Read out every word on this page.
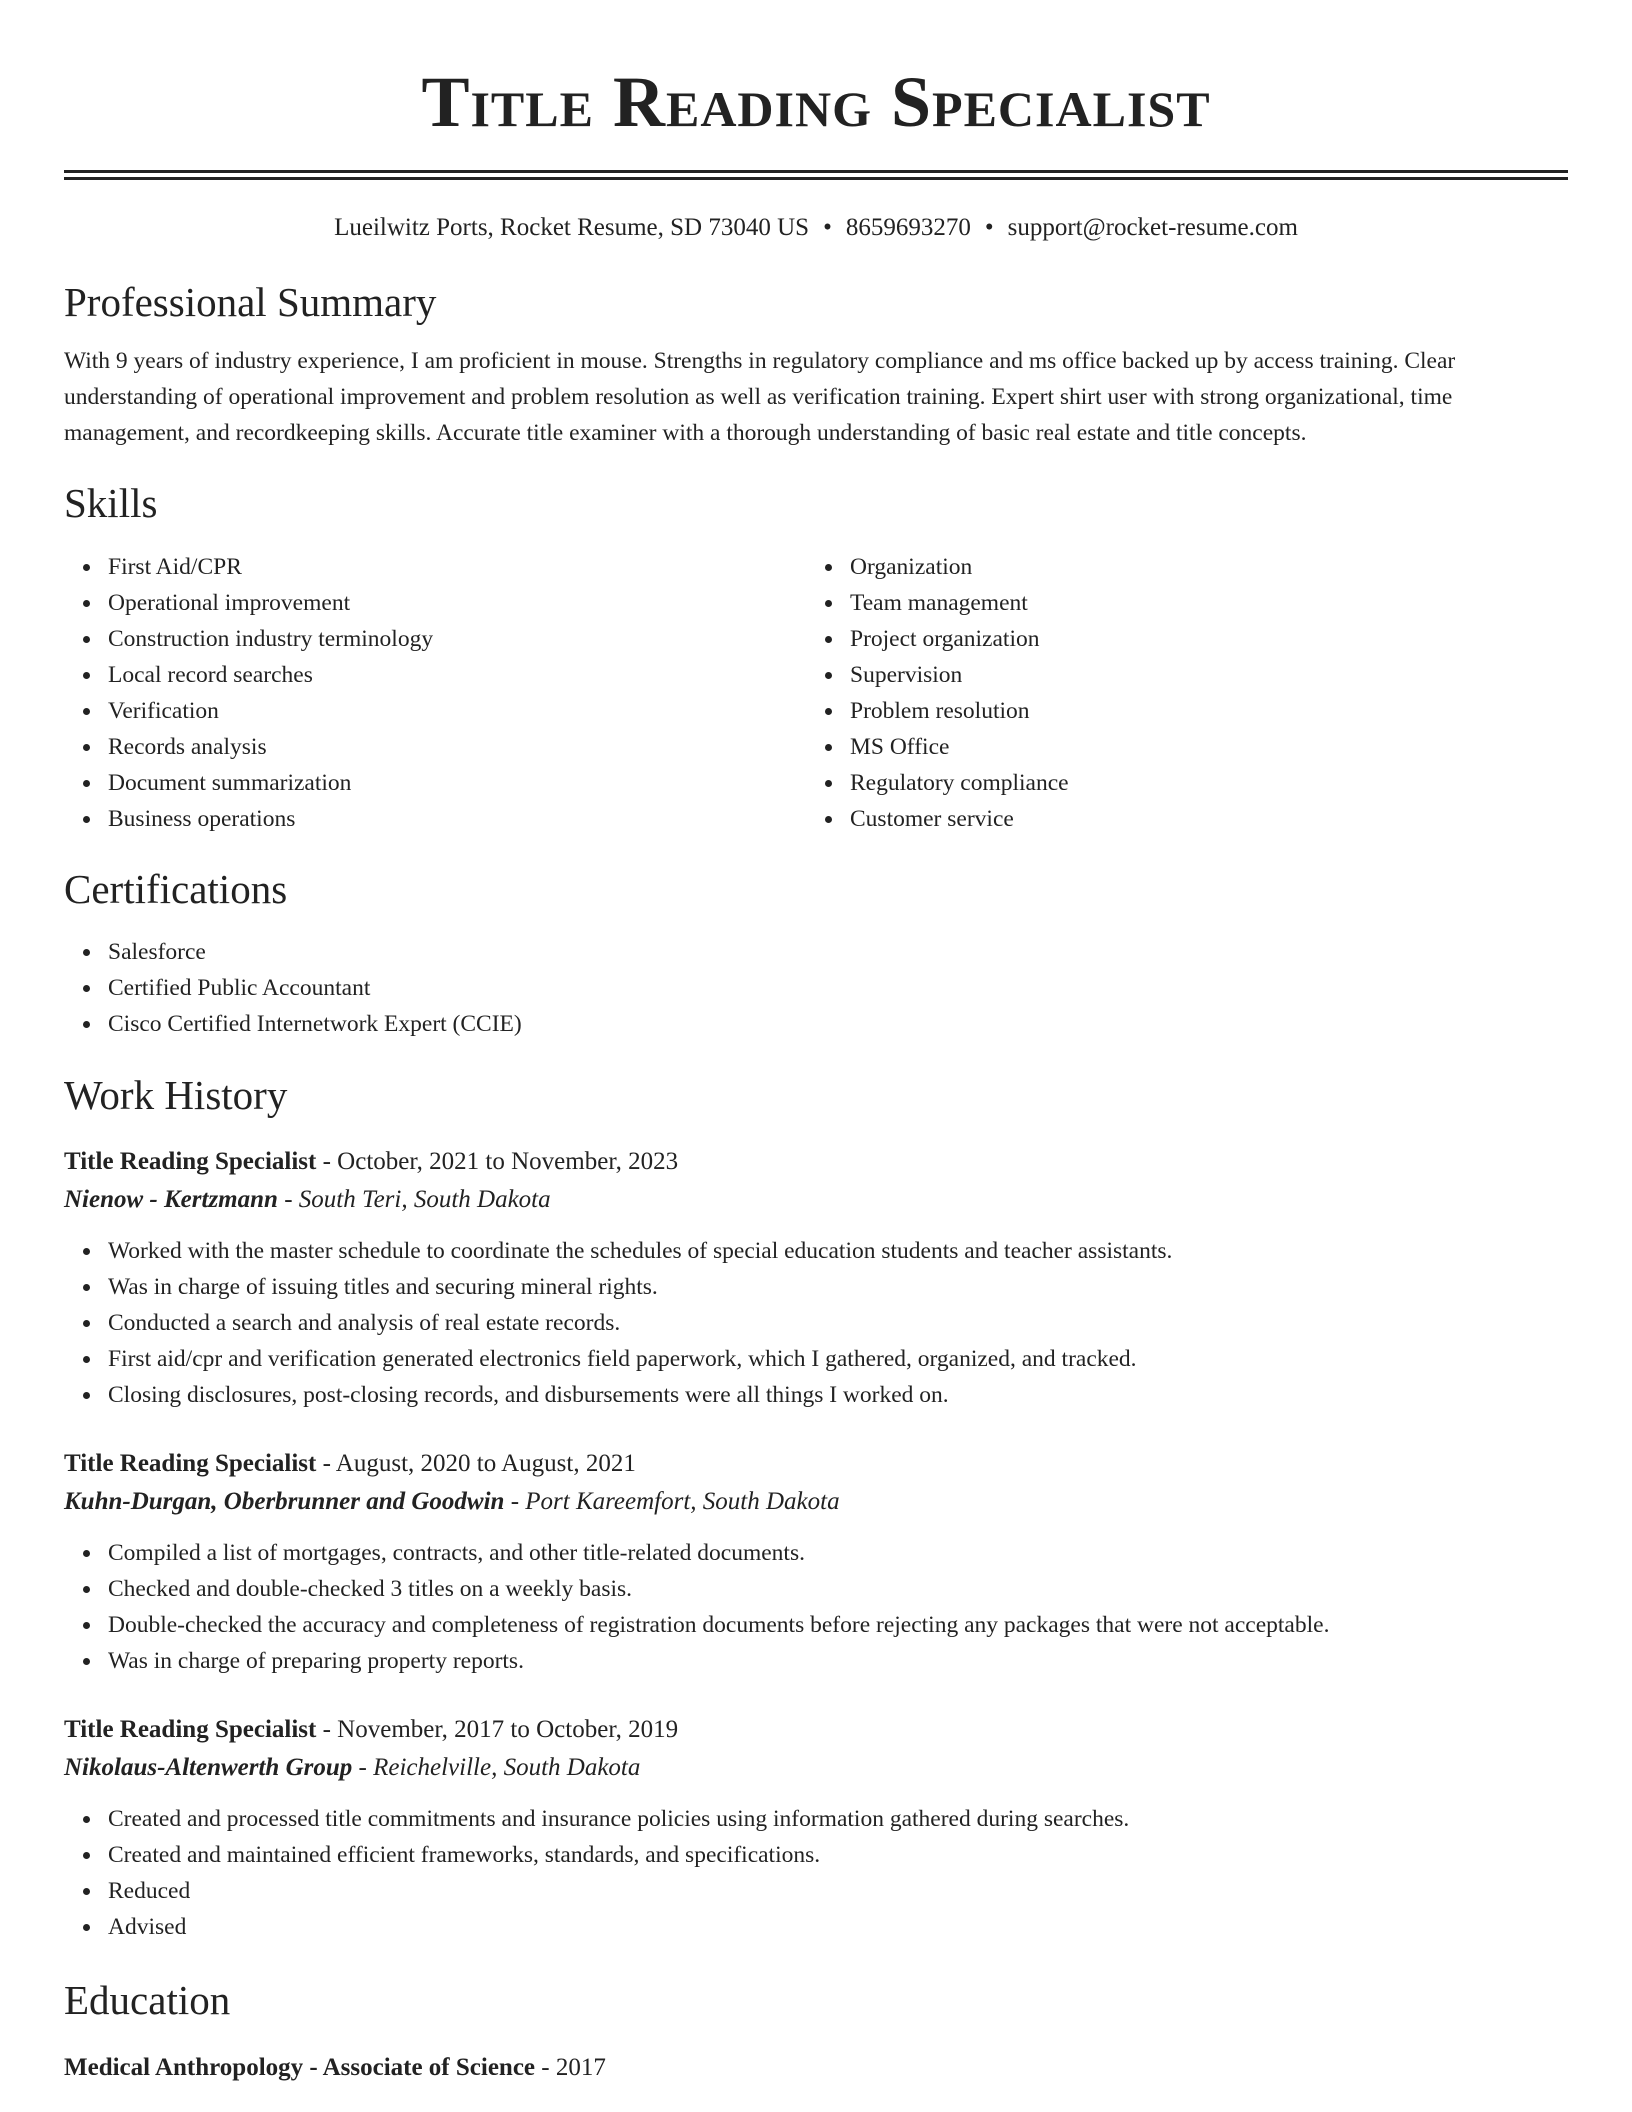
Title Reading Specialist
Lueilwitz Ports, Rocket Resume, SD 73040 US • 8659693270 • support@rocket-resume.com
Professional Summary

With 9 years of industry experience, I am proficient in mouse. Strengths in regulatory compliance and ms office backed up by access training. Clear understanding of operational improvement and problem resolution as well as verification training. Expert shirt user with strong organizational, time management, and recordkeeping skills. Accurate title examiner with a thorough understanding of basic real estate and title concepts.

Skills
First Aid/CPR
Operational improvement
Construction industry terminology
Local record searches
Verification
Records analysis
Document summarization
Business operations
Organization
Team management
Project organization
Supervision
Problem resolution
MS Office
Regulatory compliance
Customer service
Certifications
Salesforce
Certified Public Accountant
Cisco Certified Internetwork Expert (CCIE)
Work History
Title Reading Specialist - October, 2021 to November, 2023
Nienow - Kertzmann - South Teri, South Dakota
Worked with the master schedule to coordinate the schedules of special education students and teacher assistants.
Was in charge of issuing titles and securing mineral rights.
Conducted a search and analysis of real estate records.
First aid/cpr and verification generated electronics field paperwork, which I gathered, organized, and tracked.
Closing disclosures, post-closing records, and disbursements were all things I worked on.
Title Reading Specialist - August, 2020 to August, 2021
Kuhn-Durgan, Oberbrunner and Goodwin - Port Kareemfort, South Dakota
Compiled a list of mortgages, contracts, and other title-related documents.
Checked and double-checked 3 titles on a weekly basis.
Double-checked the accuracy and completeness of registration documents before rejecting any packages that were not acceptable.
Was in charge of preparing property reports.
Title Reading Specialist - November, 2017 to October, 2019
Nikolaus-Altenwerth Group - Reichelville, South Dakota
Created and processed title commitments and insurance policies using information gathered during searches.
Created and maintained efficient frameworks, standards, and specifications.
Reduced
Advised
Education
Medical Anthropology - Associate of Science - 2017
